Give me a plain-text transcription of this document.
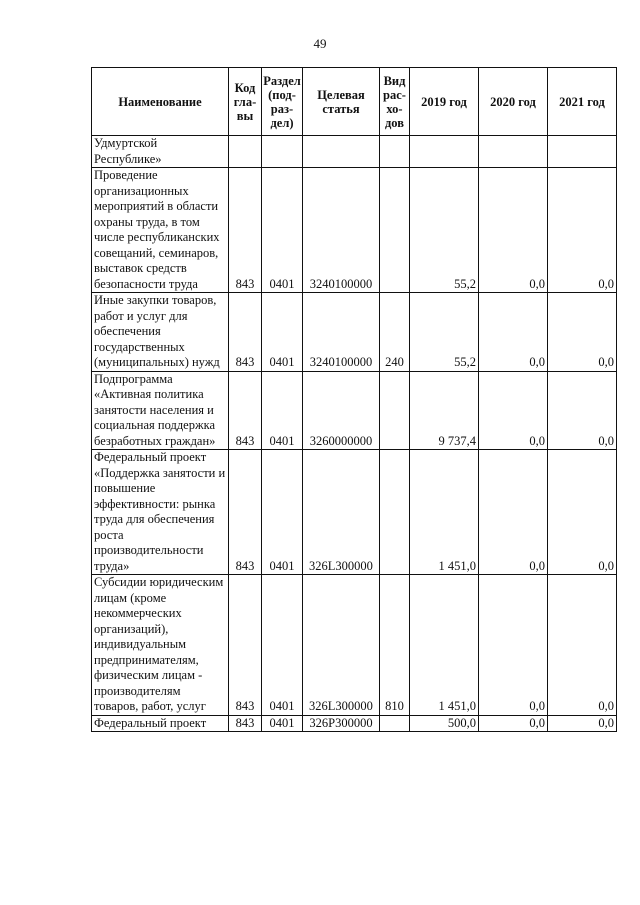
49
Наименование	Код гла- вы	Раздел (под- раз- дел)	Целевая статья	Вид рас- хо- дов	2019 год	2020 год	2021 год
Удмуртской Республике»							
Проведение организационных мероприятий в области охраны труда, в том числе республиканских совещаний, семинаров, выставок средств безопасности труда	843	0401	3240100000		55,2	0,0	0,0
Иные закупки товаров, работ и услуг для обеспечения государственных (муниципальных) нужд	843	0401	3240100000	240	55,2	0,0	0,0
Подпрограмма «Активная политика занятости населения и социальная поддержка безработных граждан»	843	0401	3260000000		9 737,4	0,0	0,0
Федеральный проект «Поддержка занятости и повышение эффективности: рынка труда для обеспечения роста производительности труда»	843	0401	326L300000		1 451,0	0,0	0,0
Субсидии юридическим лицам (кроме некоммерческих организаций), индивидуальным предпринимателям, физическим лицам - производителям товаров, работ, услуг	843	0401	326L300000	810	1 451,0	0,0	0,0
Федеральный проект	843	0401	326P300000		500,0	0,0	0,0
